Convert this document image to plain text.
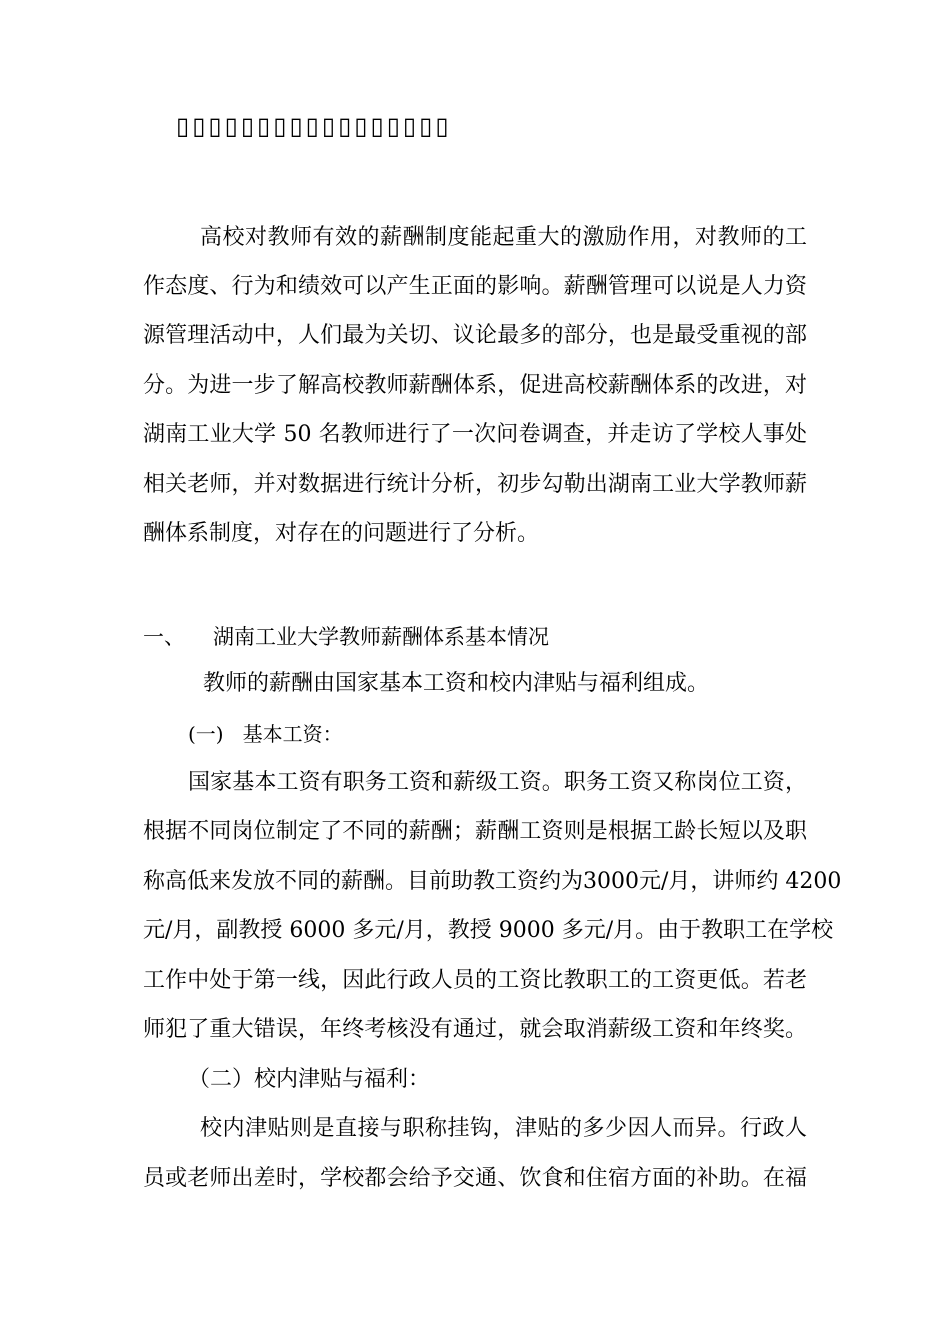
▯▯▯▯▯▯▯▯▯▯▯▯▯▯▯▯▯
高校对教师有效的薪酬制度能起重大的激励作用，对教师的工
作态度、行为和绩效可以产生正面的影响。薪酬管理可以说是人力资
源管理活动中，人们最为关切、议论最多的部分，也是最受重视的部
分。为进一步了解高校教师薪酬体系，促进高校薪酬体系的改进，对
湖南工业大学 50 名教师进行了一次问卷调查，并走访了学校人事处
相关老师，并对数据进行统计分析，初步勾勒出湖南工业大学教师薪
酬体系制度，对存在的问题进行了分析。
一、 湖南工业大学教师薪酬体系基本情况
教师的薪酬由国家基本工资和校内津贴与福利组成。
(一)   基本工资：
国家基本工资有职务工资和薪级工资。职务工资又称岗位工资，
根据不同岗位制定了不同的薪酬；薪酬工资则是根据工龄长短以及职
称高低来发放不同的薪酬。目前助教工资约为3000元/月，讲师约 4200
元/月，副教授 6000 多元/月，教授 9000 多元/月。由于教职工在学校
工作中处于第一线，因此行政人员的工资比教职工的工资更低。若老
师犯了重大错误，年终考核没有通过，就会取消薪级工资和年终奖。
（二）校内津贴与福利：
校内津贴则是直接与职称挂钩，津贴的多少因人而异。行政人
员或老师出差时，学校都会给予交通、饮食和住宿方面的补助。在福
